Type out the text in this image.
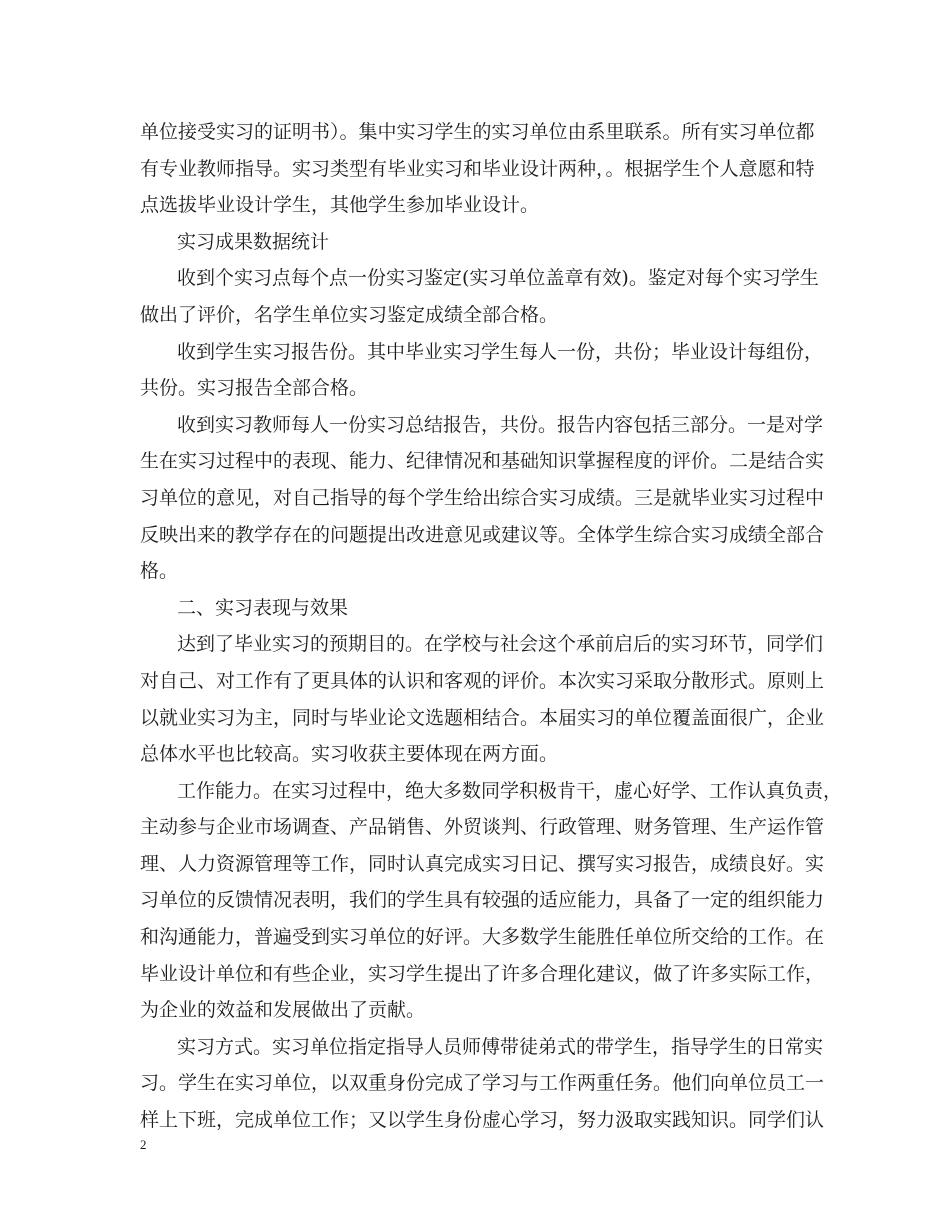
单位接受实习的证明书）。集中实习学生的实习单位由系里联系。所有实习单位都
有专业教师指导。实习类型有毕业实习和毕业设计两种，。根据学生个人意愿和特
点选拔毕业设计学生，其他学生参加毕业设计。
实习成果数据统计
收到个实习点每个点一份实习鉴定(实习单位盖章有效)。鉴定对每个实习学生
做出了评价，名学生单位实习鉴定成绩全部合格。
收到学生实习报告份。其中毕业实习学生每人一份，共份；毕业设计每组份，
共份。实习报告全部合格。
收到实习教师每人一份实习总结报告，共份。报告内容包括三部分。一是对学
生在实习过程中的表现、能力、纪律情况和基础知识掌握程度的评价。二是结合实
习单位的意见，对自己指导的每个学生给出综合实习成绩。三是就毕业实习过程中
反映出来的教学存在的问题提出改进意见或建议等。全体学生综合实习成绩全部合
格。
二、实习表现与效果
达到了毕业实习的预期目的。在学校与社会这个承前启后的实习环节，同学们
对自己、对工作有了更具体的认识和客观的评价。本次实习采取分散形式。原则上
以就业实习为主，同时与毕业论文选题相结合。本届实习的单位覆盖面很广，企业
总体水平也比较高。实习收获主要体现在两方面。
工作能力。在实习过程中，绝大多数同学积极肯干，虚心好学、工作认真负责，
主动参与企业市场调查、产品销售、外贸谈判、行政管理、财务管理、生产运作管
理、人力资源管理等工作，同时认真完成实习日记、撰写实习报告，成绩良好。实
习单位的反馈情况表明，我们的学生具有较强的适应能力，具备了一定的组织能力
和沟通能力，普遍受到实习单位的好评。大多数学生能胜任单位所交给的工作。在
毕业设计单位和有些企业，实习学生提出了许多合理化建议，做了许多实际工作，
为企业的效益和发展做出了贡献。
实习方式。实习单位指定指导人员师傅带徒弟式的带学生，指导学生的日常实
习。学生在实习单位，以双重身份完成了学习与工作两重任务。他们向单位员工一
样上下班，完成单位工作；又以学生身份虚心学习，努力汲取实践知识。同学们认
2
